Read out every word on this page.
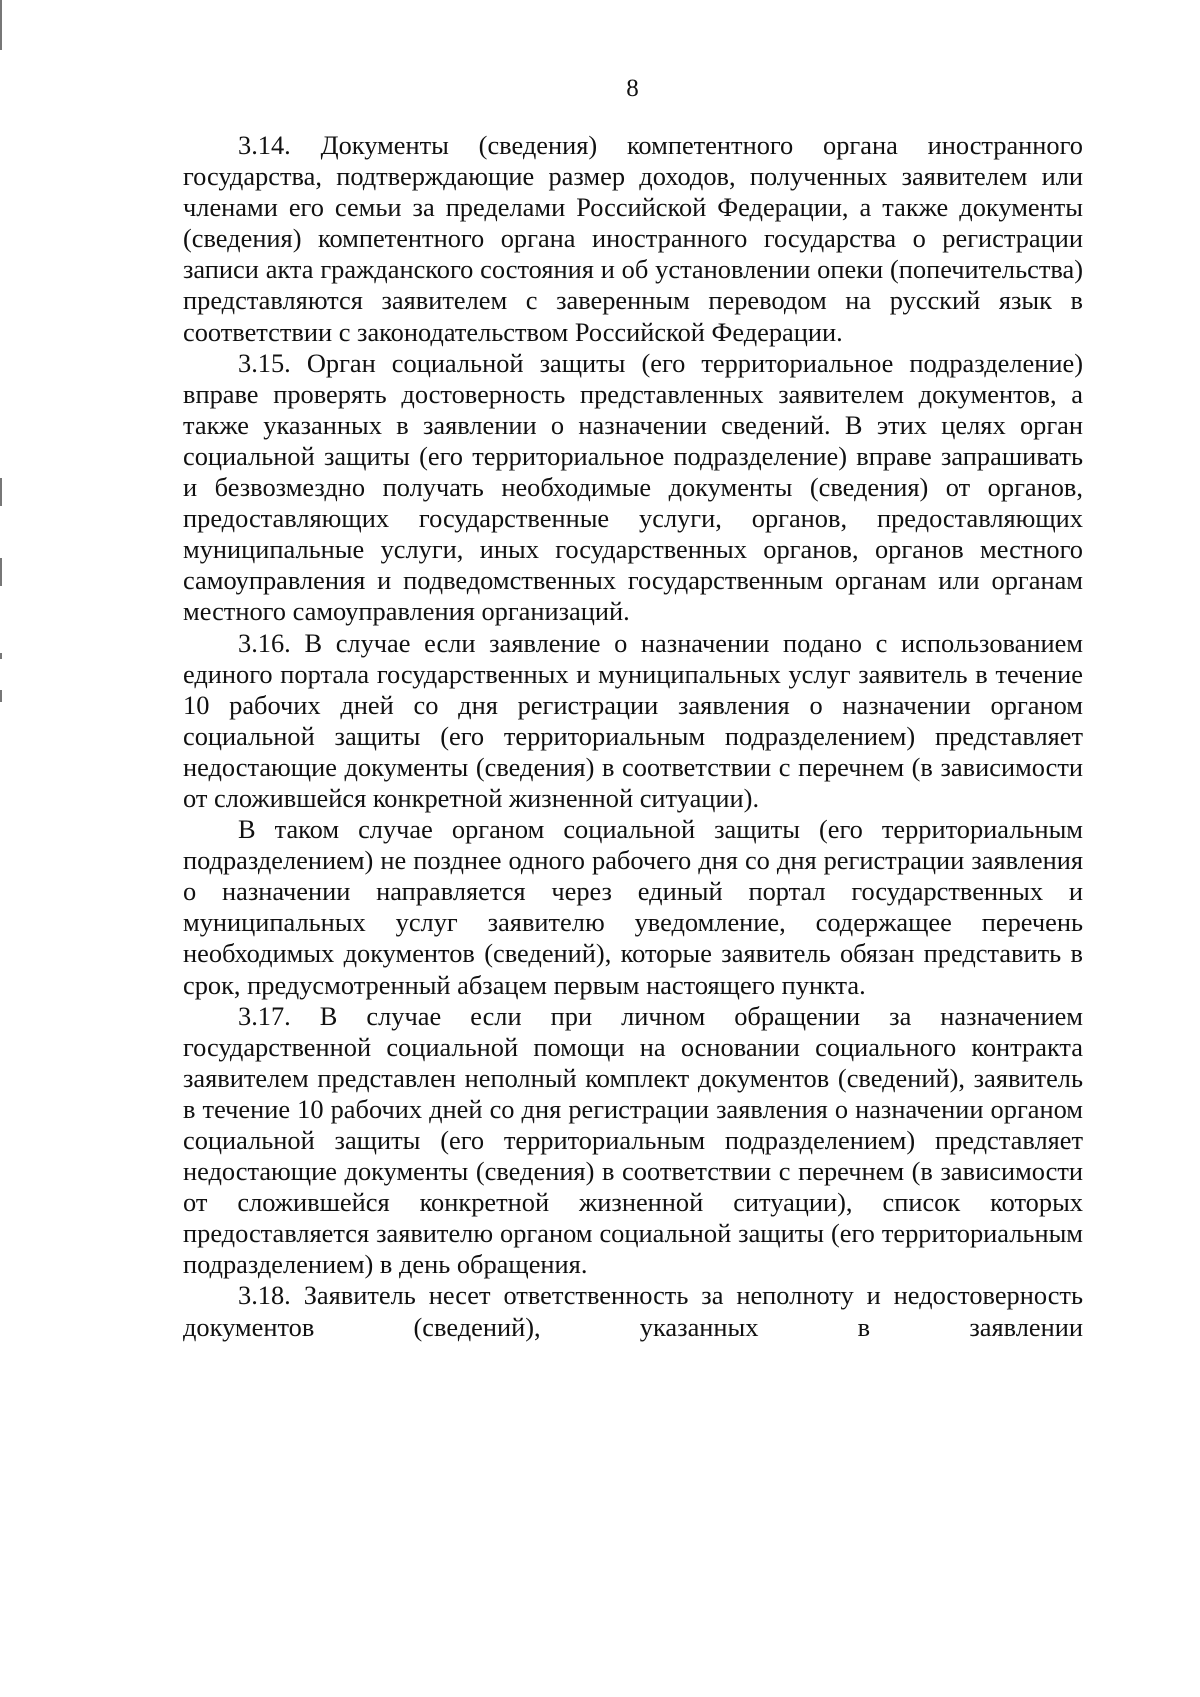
8

3.14. Документы (сведения) компетентного органа иностранного государства, подтверждающие размер доходов, полученных заявителем или членами его семьи за пределами Российской Федерации, а также документы (сведения) компетентного органа иностранного государства о регистрации записи акта гражданского состояния и об установлении опеки (попечительства) представляются заявителем с заверенным переводом на русский язык в соответствии с законодательством Российской Федерации.

3.15. Орган социальной защиты (его территориальное подразделение) вправе проверять достоверность представленных заявителем документов, а также указанных в заявлении о назначении сведений. В этих целях орган социальной защиты (его территориальное подразделение) вправе запрашивать и безвозмездно получать необходимые документы (сведения) от органов, предоставляющих государственные услуги, органов, предоставляющих муниципальные услуги, иных государственных органов, органов местного самоуправления и подведомственных государственным органам или органам местного самоуправления организаций.

3.16. В случае если заявление о назначении подано с использованием единого портала государственных и муниципальных услуг заявитель в течение 10 рабочих дней со дня регистрации заявления о назначении органом социальной защиты (его территориальным подразделением) представляет недостающие документы (сведения) в соответствии с перечнем (в зависимости от сложившейся конкретной жизненной ситуации).

В таком случае органом социальной защиты (его территориальным подразделением) не позднее одного рабочего дня со дня регистрации заявления о назначении направляется через единый портал государственных и муниципальных услуг заявителю уведомление, содержащее перечень необходимых документов (сведений), которые заявитель обязан представить в срок, предусмотренный абзацем первым настоящего пункта.

3.17. В случае если при личном обращении за назначением государственной социальной помощи на основании социального контракта заявителем представлен неполный комплект документов (сведений), заявитель в течение 10 рабочих дней со дня регистрации заявления о назначении органом социальной защиты (его территориальным подразделением) представляет недостающие документы (сведения) в соответствии с перечнем (в зависимости от сложившейся конкретной жизненной ситуации), список которых предоставляется заявителю органом социальной защиты (его территориальным подразделением) в день обращения.

3.18. Заявитель несет ответственность за неполноту и недостоверность документов (сведений), указанных в заявлении
